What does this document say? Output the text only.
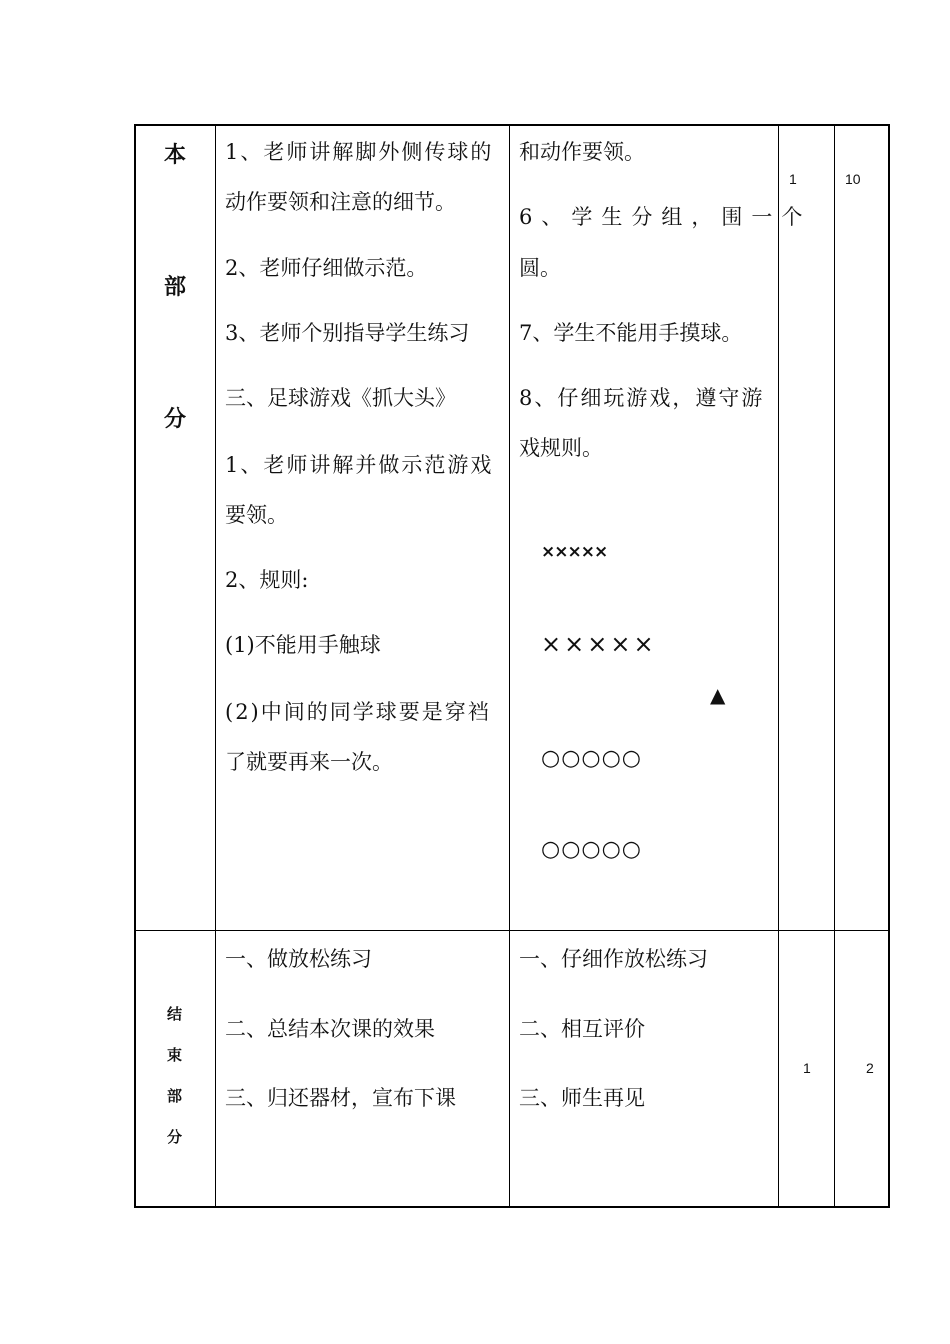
本
部
分
1、老师讲解脚外侧传球的
动作要领和注意的细节。
2、老师仔细做示范。
3、老师个别指导学生练习
三、足球游戏《抓大头》
1、老师讲解并做示范游戏
要领。
2、规则:
(1)不能用手触球
(2)中间的同学球要是穿裆
了就要再来一次。
和动作要领。
6、学生分组，围一个
圆。
7、学生不能用手摸球。
8、仔细玩游戏，遵守游
戏规则。
×××××
×××××
▲
○○○○○
○○○○○
1	10
结
束
部
分
一、做放松练习
二、总结本次课的效果
三、归还器材，宣布下课
一、仔细作放松练习
二、相互评价
三、师生再见
1	2
